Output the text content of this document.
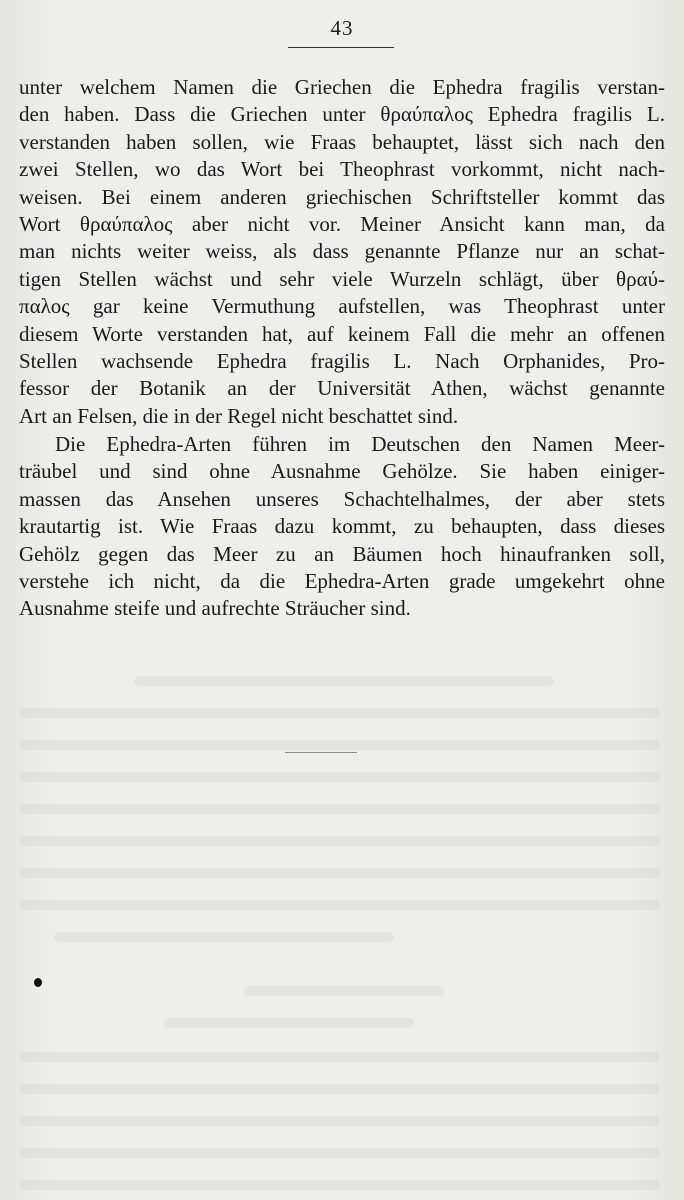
43
unter welchem Namen die Griechen die Ephedra fragilis verstan-
den haben. Dass die Griechen unter θραύπαλος Ephedra fragilis L.
verstanden haben sollen, wie Fraas behauptet, lässt sich nach den
zwei Stellen, wo das Wort bei Theophrast vorkommt, nicht nach-
weisen. Bei einem anderen griechischen Schriftsteller kommt das
Wort θραύπαλος aber nicht vor. Meiner Ansicht kann man, da
man nichts weiter weiss, als dass genannte Pflanze nur an schat-
tigen Stellen wächst und sehr viele Wurzeln schlägt, über θραύ-
παλος gar keine Vermuthung aufstellen, was Theophrast unter
diesem Worte verstanden hat, auf keinem Fall die mehr an offenen
Stellen wachsende Ephedra fragilis L. Nach Orphanides, Pro-
fessor der Botanik an der Universität Athen, wächst genannte
Art an Felsen, die in der Regel nicht beschattet sind.
Die Ephedra-Arten führen im Deutschen den Namen Meer-
träubel und sind ohne Ausnahme Gehölze. Sie haben einiger-
massen das Ansehen unseres Schachtelhalmes, der aber stets
krautartig ist. Wie Fraas dazu kommt, zu behaupten, dass dieses
Gehölz gegen das Meer zu an Bäumen hoch hinaufranken soll,
verstehe ich nicht, da die Ephedra-Arten grade umgekehrt ohne
Ausnahme steife und aufrechte Sträucher sind.
